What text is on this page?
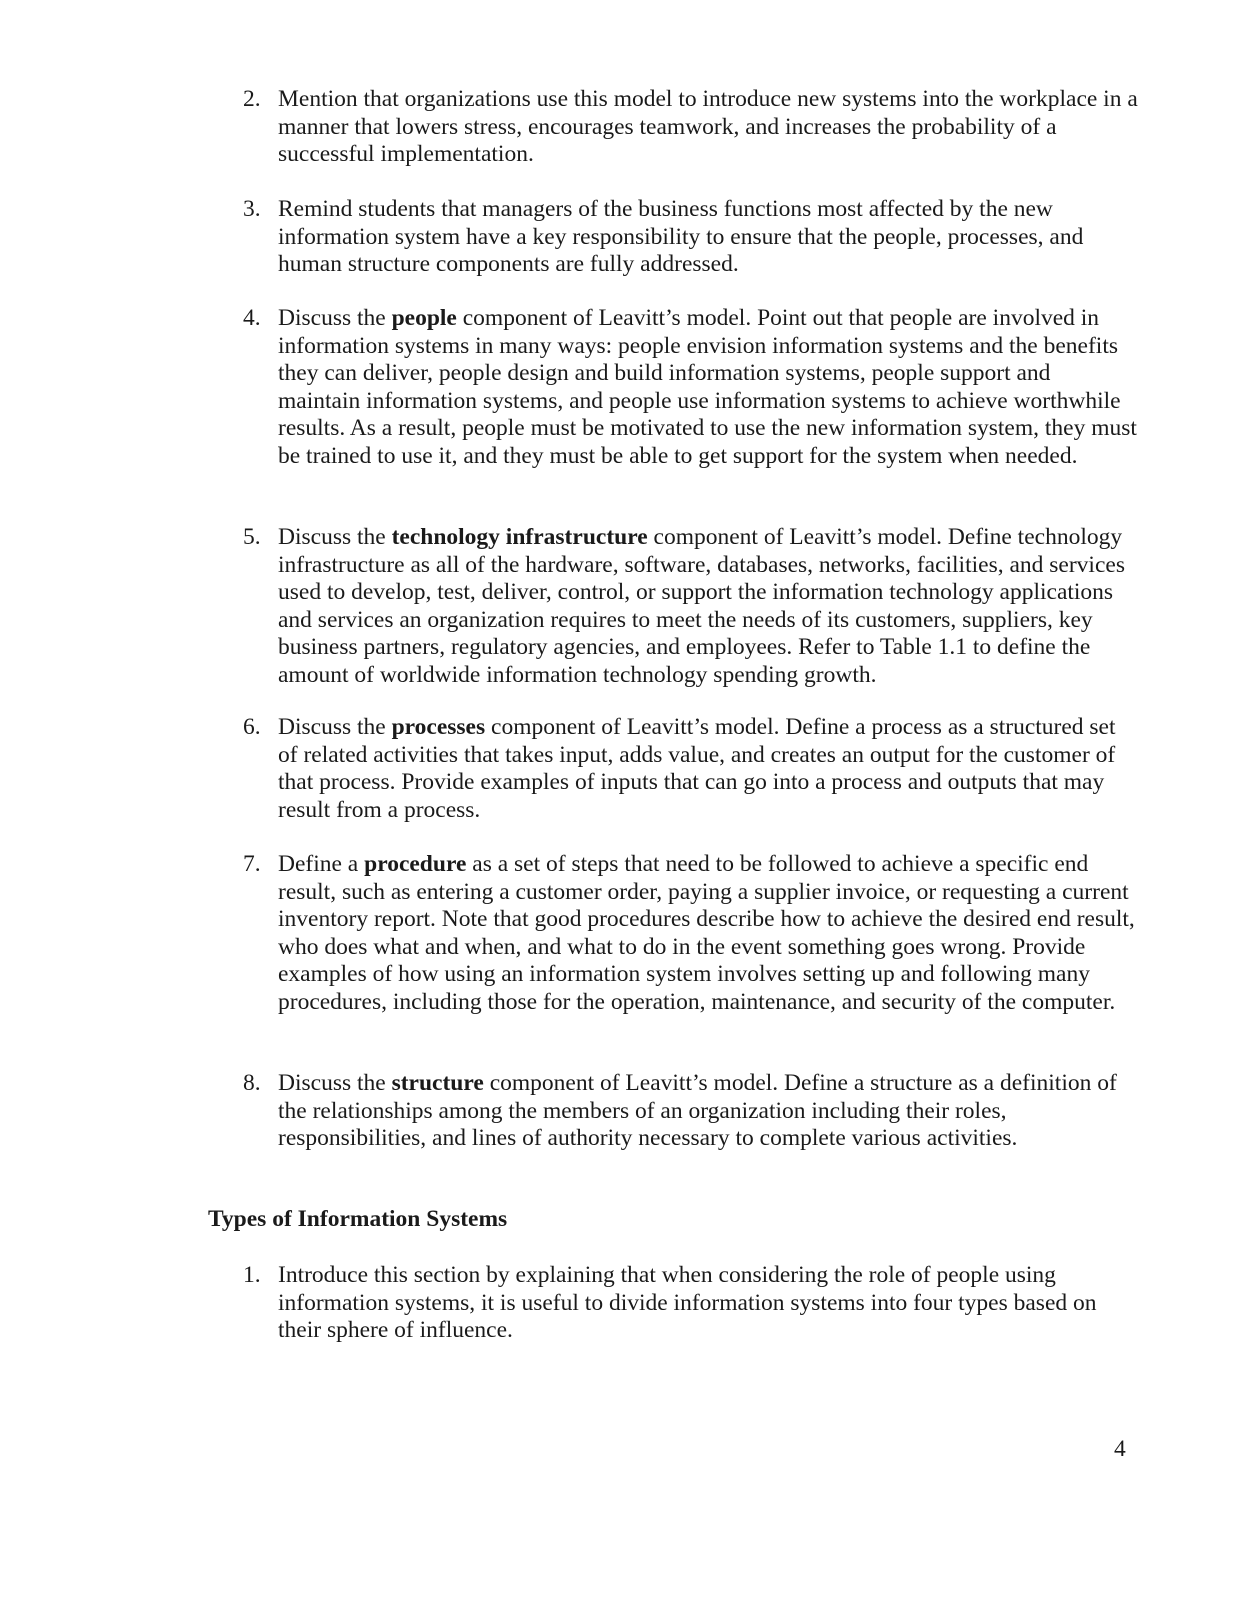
2. Mention that organizations use this model to introduce new systems into the workplace in a manner that lowers stress, encourages teamwork, and increases the probability of a successful implementation.
3. Remind students that managers of the business functions most affected by the new information system have a key responsibility to ensure that the people, processes, and human structure components are fully addressed.
4. Discuss the people component of Leavitt’s model. Point out that people are involved in information systems in many ways: people envision information systems and the benefits they can deliver, people design and build information systems, people support and maintain information systems, and people use information systems to achieve worthwhile results. As a result, people must be motivated to use the new information system, they must be trained to use it, and they must be able to get support for the system when needed.
5. Discuss the technology infrastructure component of Leavitt’s model. Define technology infrastructure as all of the hardware, software, databases, networks, facilities, and services used to develop, test, deliver, control, or support the information technology applications and services an organization requires to meet the needs of its customers, suppliers, key business partners, regulatory agencies, and employees. Refer to Table 1.1 to define the amount of worldwide information technology spending growth.
6. Discuss the processes component of Leavitt’s model. Define a process as a structured set of related activities that takes input, adds value, and creates an output for the customer of that process. Provide examples of inputs that can go into a process and outputs that may result from a process.
7. Define a procedure as a set of steps that need to be followed to achieve a specific end result, such as entering a customer order, paying a supplier invoice, or requesting a current inventory report. Note that good procedures describe how to achieve the desired end result, who does what and when, and what to do in the event something goes wrong. Provide examples of how using an information system involves setting up and following many procedures, including those for the operation, maintenance, and security of the computer.
8. Discuss the structure component of Leavitt’s model. Define a structure as a definition of the relationships among the members of an organization including their roles, responsibilities, and lines of authority necessary to complete various activities.
Types of Information Systems
1. Introduce this section by explaining that when considering the role of people using information systems, it is useful to divide information systems into four types based on their sphere of influence.
4
